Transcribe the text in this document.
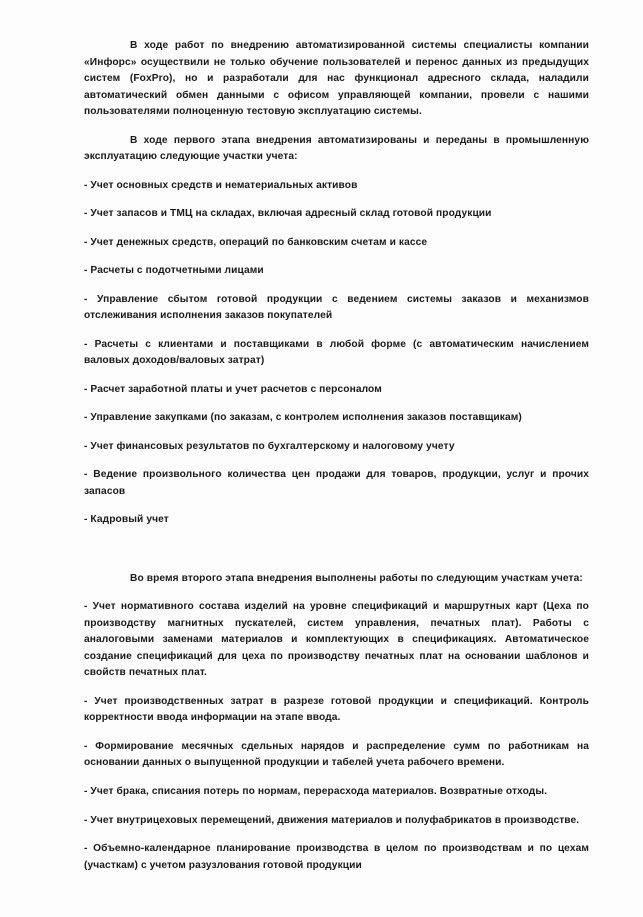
В ходе работ по внедрению автоматизированной системы специалисты компании «Инфорс» осуществили не только обучение пользователей и перенос данных из предыдущих систем (FoxPro), но и разработали для нас функционал адресного склада, наладили автоматический обмен данными с офисом управляющей компании, провели с нашими пользователями полноценную тестовую эксплуатацию системы.

В ходе первого этапа внедрения автоматизированы и переданы в промышленную эксплуатацию следующие участки учета:

- Учет основных средств и нематериальных активов

- Учет запасов и ТМЦ на складах, включая адресный склад готовой продукции

- Учет денежных средств, операций по банковским счетам и кассе

- Расчеты с подотчетными лицами

- Управление сбытом готовой продукции с ведением системы заказов и механизмов отслеживания исполнения заказов покупателей

- Расчеты с клиентами и поставщиками в любой форме (с автоматическим начислением валовых доходов/валовых затрат)

- Расчет заработной платы и учет расчетов с персоналом

- Управление закупками (по заказам, с контролем исполнения заказов поставщикам)

- Учет финансовых результатов по бухгалтерскому и налоговому учету

- Ведение произвольного количества цен продажи для товаров, продукции, услуг и прочих запасов

- Кадровый учет

Во время второго этапа внедрения выполнены работы по следующим участкам учета:

- Учет нормативного состава изделий на уровне спецификаций и маршрутных карт (Цеха по производству магнитных пускателей, систем управления, печатных плат). Работы с аналоговыми заменами материалов и комплектующих в спецификациях. Автоматическое создание спецификаций для цеха по производству печатных плат на основании шаблонов и свойств печатных плат.

- Учет производственных затрат в разрезе готовой продукции и спецификаций. Контроль корректности ввода информации на этапе ввода.

- Формирование месячных сдельных нарядов и распределение сумм по работникам на основании данных о выпущенной продукции и табелей учета рабочего времени.

- Учет брака, списания потерь по нормам, перерасхода материалов. Возвратные отходы.

- Учет внутрицеховых перемещений, движения материалов и полуфабрикатов в производстве.

- Объемно-календарное планирование производства в целом по производствам и по цехам (участкам) с учетом разузлования готовой продукции
